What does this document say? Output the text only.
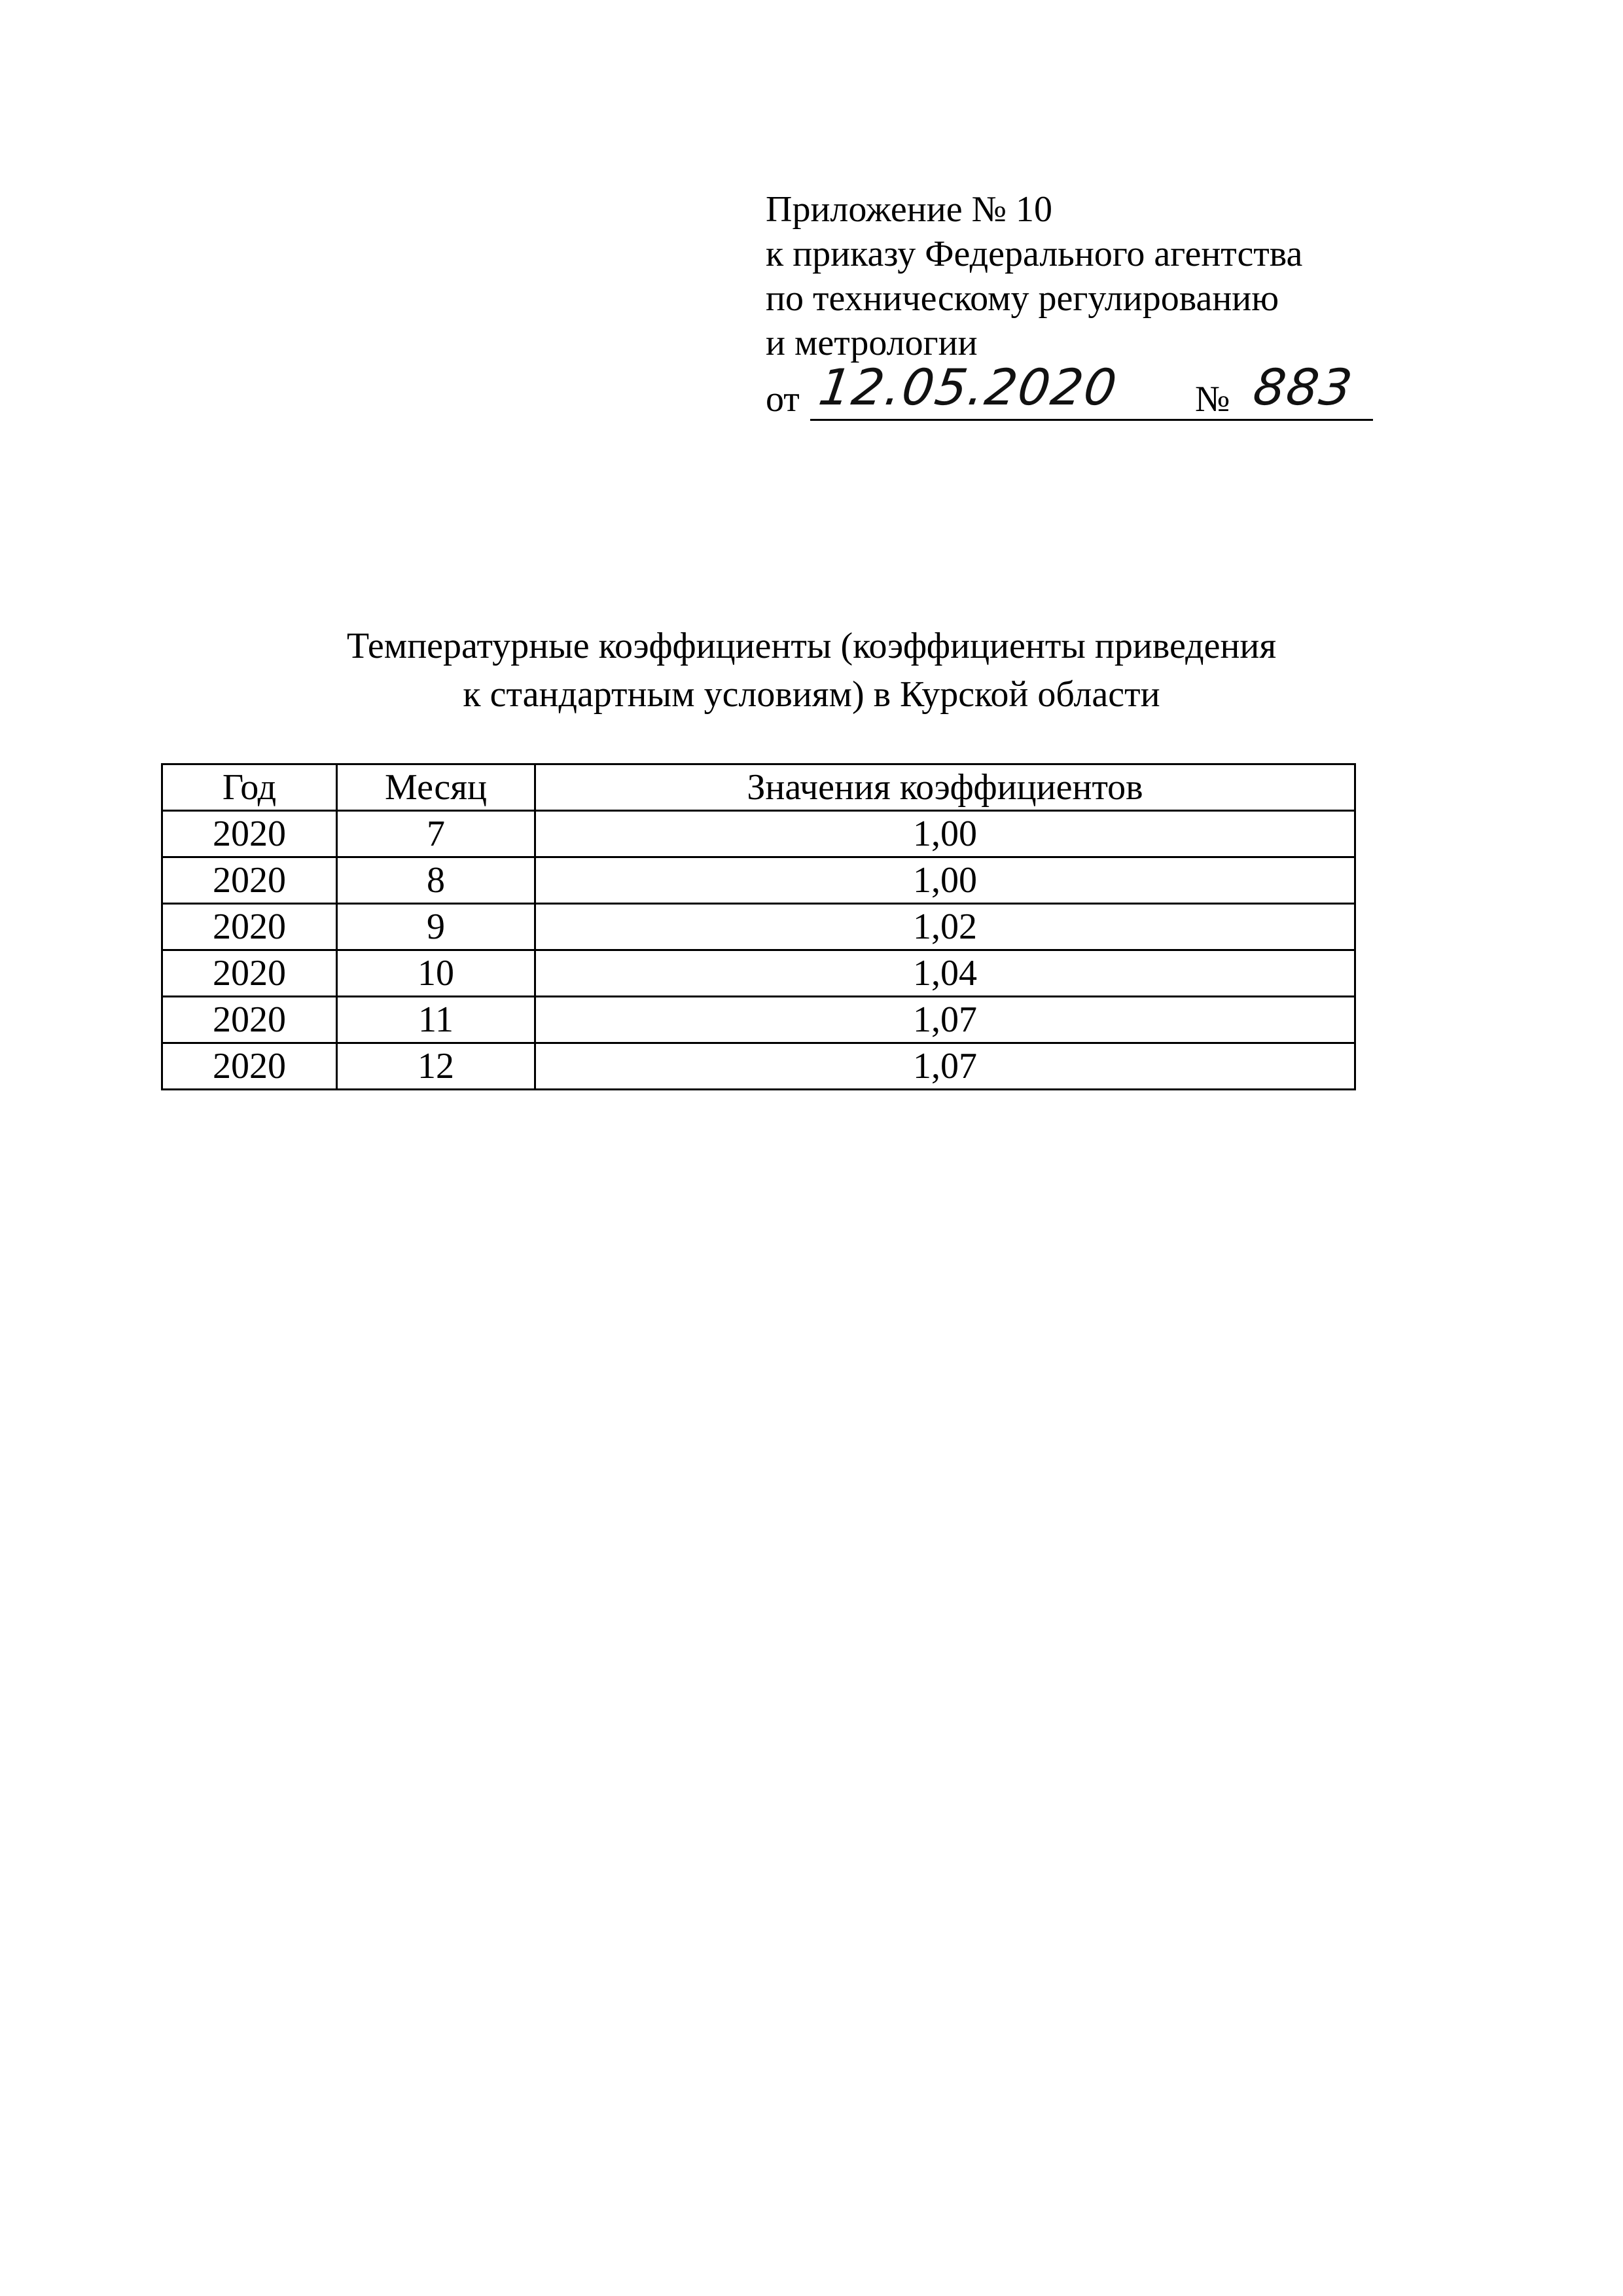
Приложение № 10
к приказу Федерального агентства
по техническому регулированию
и метрологии
от 12.05.2020 № 883
Температурные коэффициенты (коэффициенты приведения
к стандартным условиям) в Курской области
Год	Месяц	Значения коэффициентов
2020	7	1,00
2020	8	1,00
2020	9	1,02
2020	10	1,04
2020	11	1,07
2020	12	1,07
